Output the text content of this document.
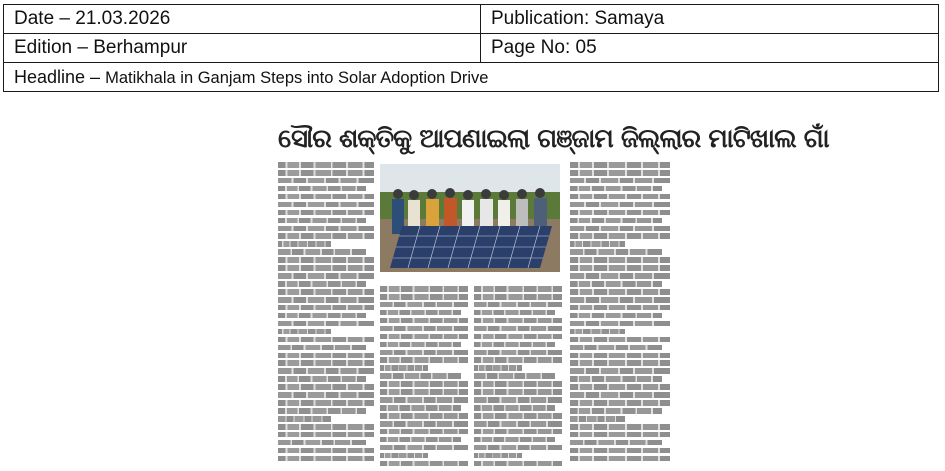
Date – 21.03.2026	Publication: Samaya
Edition – Berhampur	Page No: 05
Headline – Matikhala in Ganjam Steps into Solar Adoption Drive	
ସୌର ଶକ୍ତିକୁ ଆପଣାଇଲା ଗଞ୍ଜାମ ଜିଲ୍ଲାର ମାଟିଖାଲ ଗାଁ
